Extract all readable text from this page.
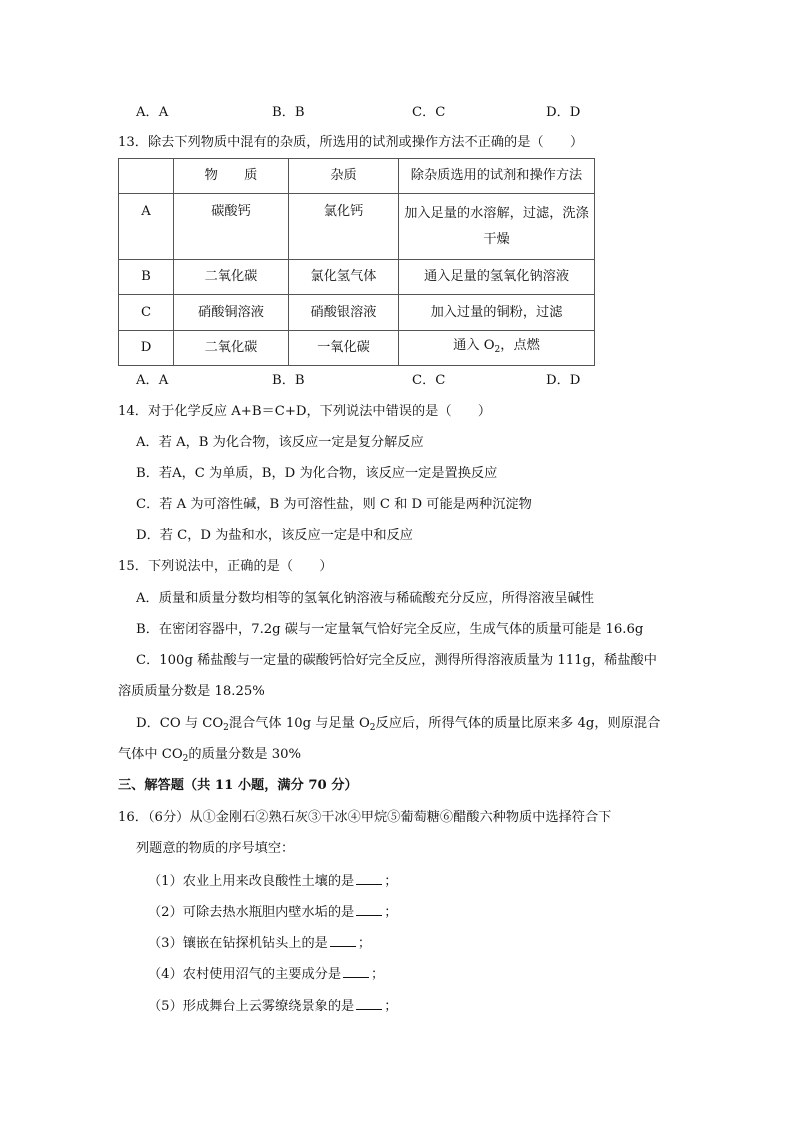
A．A	B．B	C．C	D．D
13．除去下列物质中混有的杂质，所选用的试剂或操作方法不正确的是（　　）
	物　　质	杂质	除杂质选用的试剂和操作方法
A	碳酸钙	氯化钙	加入足量的水溶解，过滤，洗涤
干燥

B	二氧化碳	氯化氢气体	通入足量的氢氧化钠溶液
C	硝酸铜溶液	硝酸银溶液	加入过量的铜粉，过滤
D	二氧化碳	一氧化碳	通入 $O_2$，点燃
A．A	B．B	C．C	D．D
14．对于化学反应 A+B＝C+D，下列说法中错误的是（　　）
A．若 A，B 为化合物，该反应一定是复分解反应
B．若A，C 为单质，B，D 为化合物，该反应一定是置换反应
C．若 A 为可溶性碱，B 为可溶性盐，则 C 和 D 可能是两种沉淀物
D．若 C，D 为盐和水，该反应一定是中和反应
15．下列说法中，正确的是（　　）
A．质量和质量分数均相等的氢氧化钠溶液与稀硫酸充分反应，所得溶液呈碱性
B．在密闭容器中，7.2g 碳与一定量氧气恰好完全反应，生成气体的质量可能是 16.6g
C．100g 稀盐酸与一定量的碳酸钙恰好完全反应，测得所得溶液质量为 111g，稀盐酸中
溶质质量分数是 18.25%
D．CO 与 $CO_2$混合气体 10g 与足量 $O_2$反应后，所得气体的质量比原来多 4g，则原混合
气体中 $CO_2$的质量分数是 30%
三、解答题（共 11 小题，满分 70 分）
16．（6分）从①金刚石②熟石灰③干冰④甲烷⑤葡萄糖⑥醋酸六种物质中选择符合下
列题意的物质的序号填空：
（1）农业上用来改良酸性土壤的是 ；
（2）可除去热水瓶胆内壁水垢的是 ；
（3）镶嵌在钻探机钻头上的是 ；
（4）农村使用沼气的主要成分是 ；
（5）形成舞台上云雾缭绕景象的是 ；
